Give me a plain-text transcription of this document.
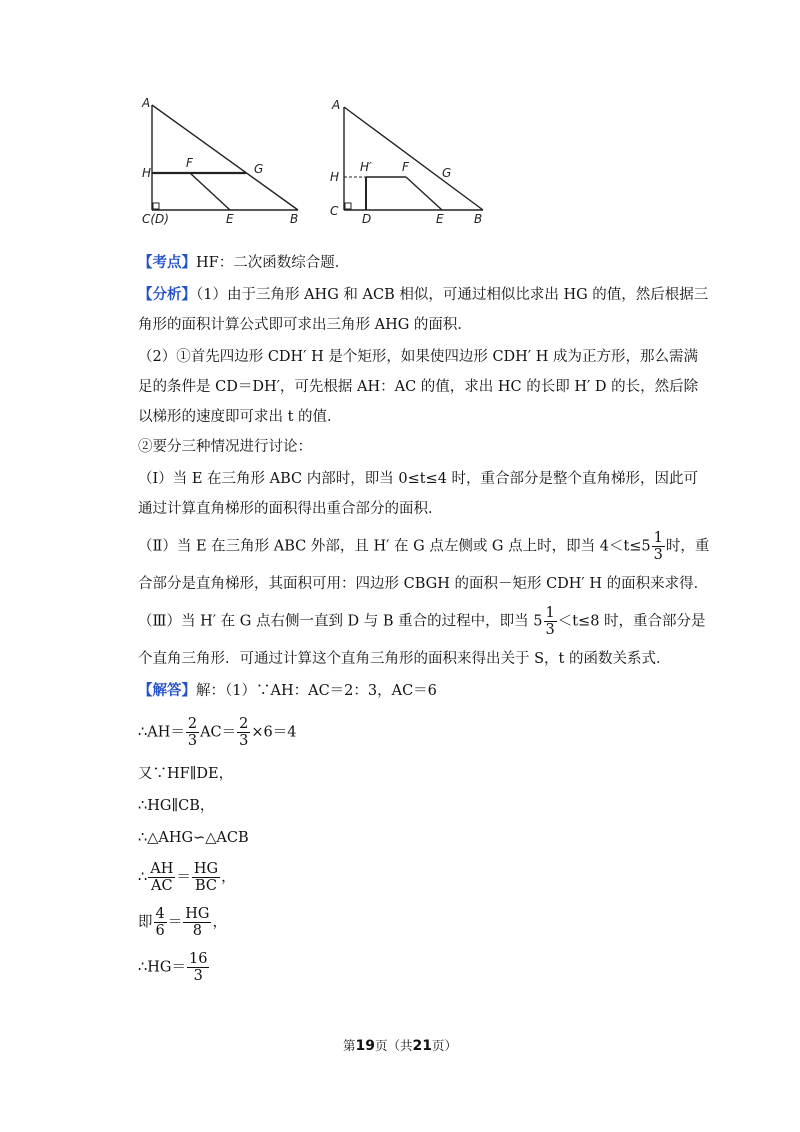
A
H
F	G
C(D)	E	B
A
H
H′	F	G
C
D	E	B
【考点】HF：二次函数综合题．
【分析】（1）由于三角形 AHG 和 ACB 相似，可通过相似比求出 HG 的值，然后根据三
角形的面积计算公式即可求出三角形 AHG 的面积．
（2）①首先四边形 CDH′ H 是个矩形，如果使四边形 CDH′ H 成为正方形，那么需满
足的条件是 CD＝DH′，可先根据 AH：AC 的值，求出 HC 的长即 H′ D 的长，然后除
以梯形的速度即可求出 t 的值．
②要分三种情况进行讨论：
（Ⅰ）当 E 在三角形 ABC 内部时，即当 0≤t≤4 时，重合部分是整个直角梯形，因此可
通过计算直角梯形的面积得出重合部分的面积．
（Ⅱ）当 E 在三角形 ABC 外部，且 H′ 在 G 点左侧或 G 点上时，即当 $4<t\le 5 \frac{1}{3}$ 时，重
合部分是直角梯形，其面积可用：四边形 CBGH 的面积－矩形 CDH′ H 的面积来求得．
（Ⅲ）当 H′ 在 G 点右侧一直到 D 与 B 重合的过程中，即当 $5 \frac{1}{3} <t\le 8$ 时，重合部分是
个直角三角形．可通过计算这个直角三角形的面积来得出关于 S，t 的函数关系式．
【解答】解：（1）∵AH：AC＝2：3，AC＝6
∴AH＝ $\frac{2}{3} AC= \frac{2}{3} \times 6=4$
又∵HF∥DE，
∴HG∥CB，
∴△AHG∽△ACB
∴ $\frac{AH}{AC} = \frac{HG}{BC}$ ，
即 $\frac{4}{6} = \frac{HG}{8}$ ，
∴HG＝ $\frac{16}{3}$
第19页（共21页）
